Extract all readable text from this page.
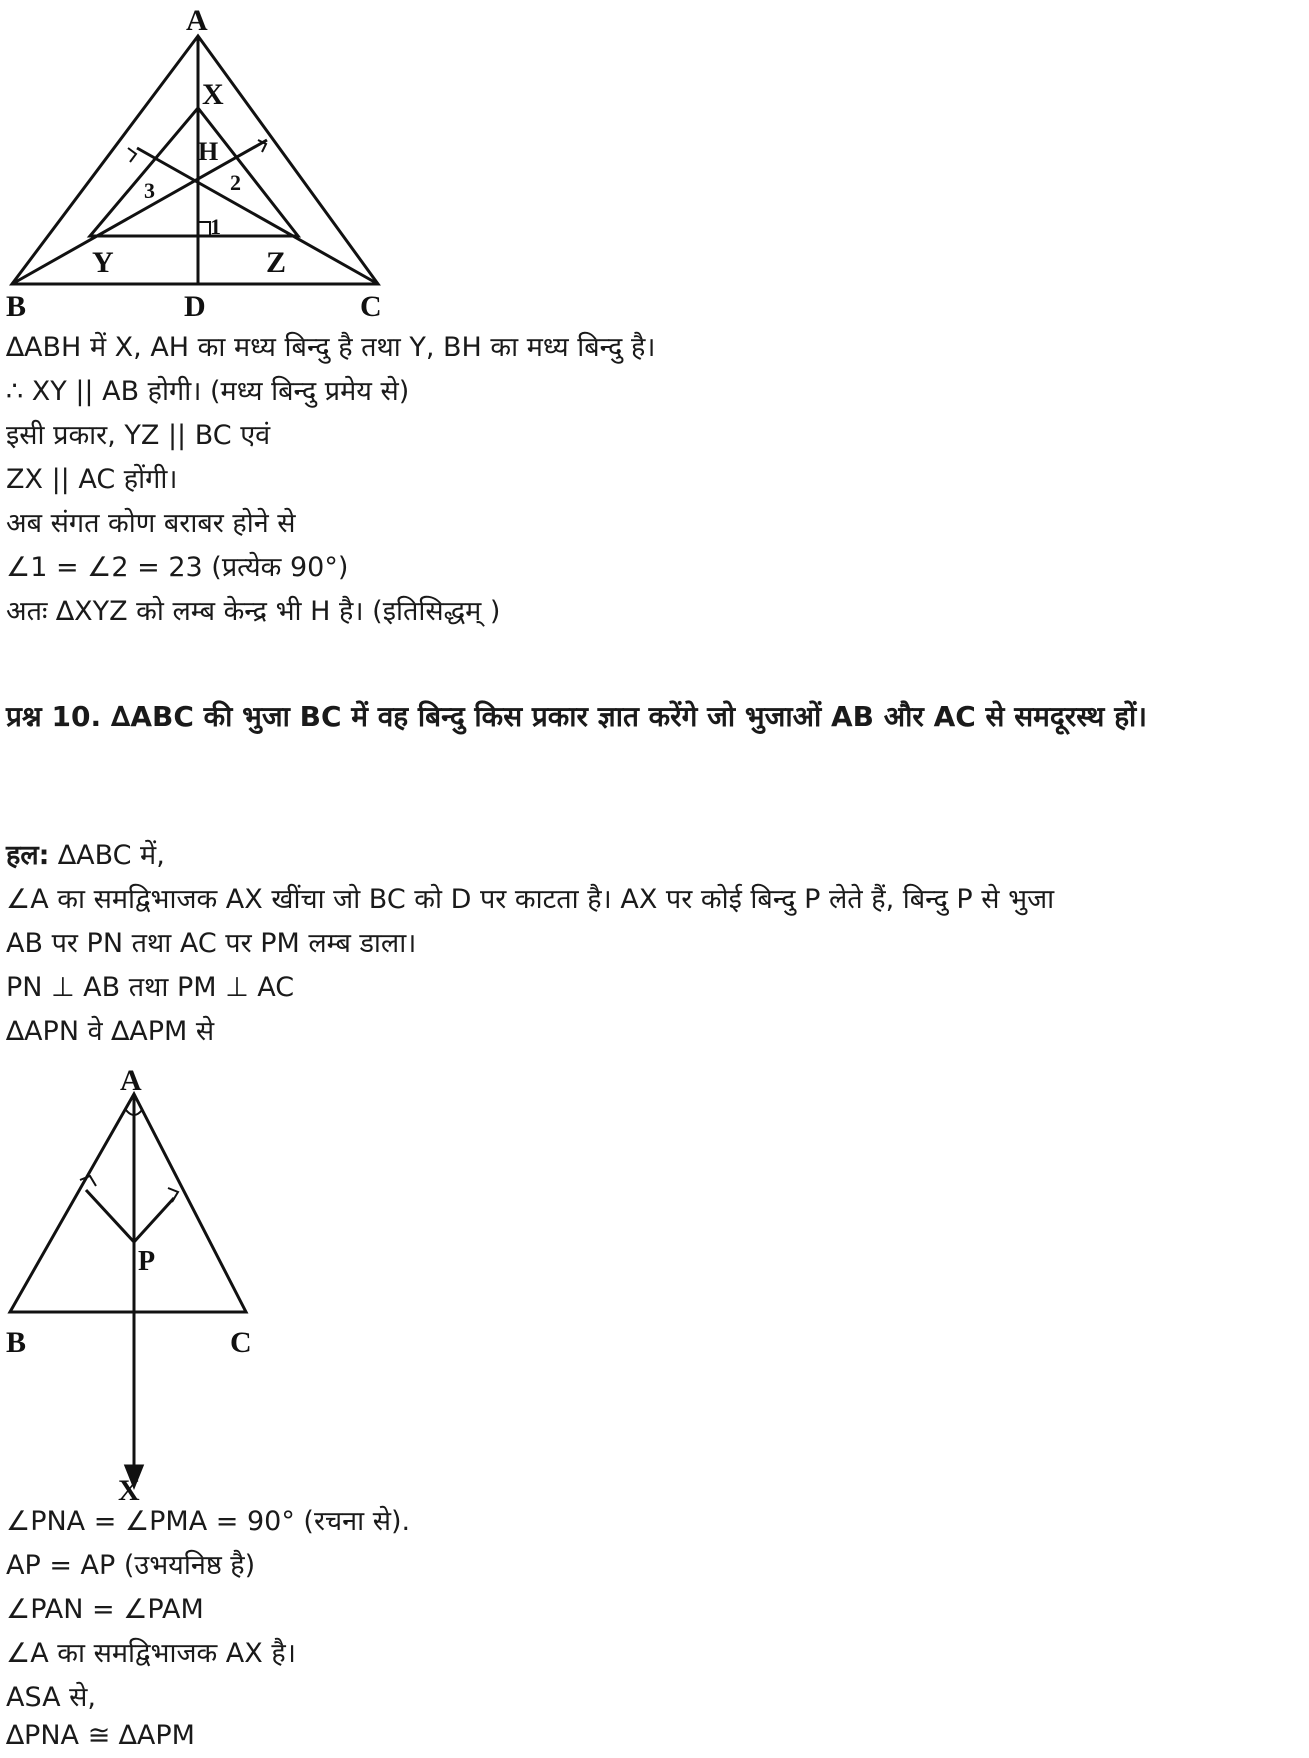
A
X
H
3	2
1
Y	Z
B	D	C

∆ABH में X, AH का मध्य बिन्दु है तथा Y, BH का मध्य बिन्दु है।

∴ XY || AB होगी। (मध्य बिन्दु प्रमेय से)

इसी प्रकार, YZ || BC एवं

ZX || AC होंगी।

अब संगत कोण बराबर होने से

∠1 = ∠2 = 23 (प्रत्येक 90°)

अतः ∆XYZ को लम्ब केन्द्र भी H है। (इतिसिद्धम् )

प्रश्न 10. ∆ABC की भुजा BC में वह बिन्दु किस प्रकार ज्ञात करेंगे जो भुजाओं AB और AC से समदूरस्थ हों।

हल: ∆ABC में,

∠A का समद्विभाजक AX खींचा जो BC को D पर काटता है। AX पर कोई बिन्दु P लेते हैं, बिन्दु P से भुजा

AB पर PN तथा AC पर PM लम्ब डाला।

PN ⊥ AB तथा PM ⊥ AC

∆APN वे ∆APM से

A
P
B	C
X

∠PNA = ∠PMA = 90° (रचना से).

AP = AP (उभयनिष्ठ है)

∠PAN = ∠PAM

∠A का समद्विभाजक AX है।

ASA से,

∆PNA ≅ ∆APM
